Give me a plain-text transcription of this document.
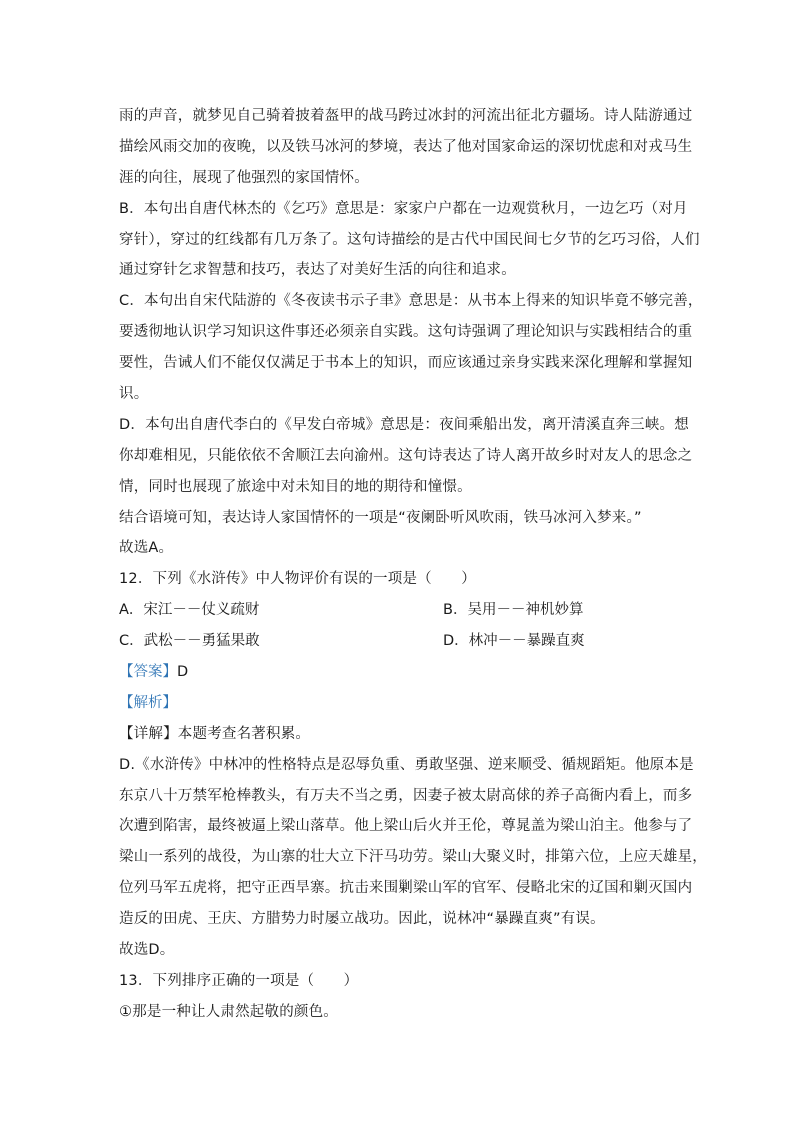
雨的声音，就梦见自己骑着披着盔甲的战马跨过冰封的河流出征北方疆场。诗人陆游通过
描绘风雨交加的夜晚，以及铁马冰河的梦境，表达了他对国家命运的深切忧虑和对戎马生
涯的向往，展现了他强烈的家国情怀。
B．本句出自唐代林杰的《乞巧》意思是：家家户户都在一边观赏秋月，一边乞巧（对月
穿针），穿过的红线都有几万条了。这句诗描绘的是古代中国民间七夕节的乞巧习俗，人们
通过穿针乞求智慧和技巧，表达了对美好生活的向往和追求。
C．本句出自宋代陆游的《冬夜读书示子聿》意思是：从书本上得来的知识毕竟不够完善，
要透彻地认识学习知识这件事还必须亲自实践。这句诗强调了理论知识与实践相结合的重
要性，告诫人们不能仅仅满足于书本上的知识，而应该通过亲身实践来深化理解和掌握知
识。
D．本句出自唐代李白的《早发白帝城》意思是：夜间乘船出发，离开清溪直奔三峡。想
你却难相见，只能依依不舍顺江去向渝州。这句诗表达了诗人离开故乡时对友人的思念之
情，同时也展现了旅途中对未知目的地的期待和憧憬。
结合语境可知，表达诗人家国情怀的一项是“夜阑卧听风吹雨，铁马冰河入梦来。”
故选A。
12．下列《水浒传》中人物评价有误的一项是（　　）
A．宋江－－仗义疏财	B．吴用－－神机妙算
C．武松－－勇猛果敢	D．林冲－－暴躁直爽
【答案】D
【解析】
【详解】本题考查名著积累。
D.《水浒传》中林冲的性格特点是忍辱负重、勇敢坚强、逆来顺受、循规蹈矩。他原本是
东京八十万禁军枪棒教头，有万夫不当之勇，因妻子被太尉高俅的养子高衙内看上，而多
次遭到陷害，最终被逼上梁山落草。他上梁山后火并王伦，尊晁盖为梁山泊主。他参与了
梁山一系列的战役，为山寨的壮大立下汗马功劳。梁山大聚义时，排第六位，上应天雄星，
位列马军五虎将，把守正西旱寨。抗击来围剿梁山军的官军、侵略北宋的辽国和剿灭国内
造反的田虎、王庆、方腊势力时屡立战功。因此，说林冲“暴躁直爽”有误。
故选D。
13．下列排序正确的一项是（　　）
①那是一种让人肃然起敬的颜色。
